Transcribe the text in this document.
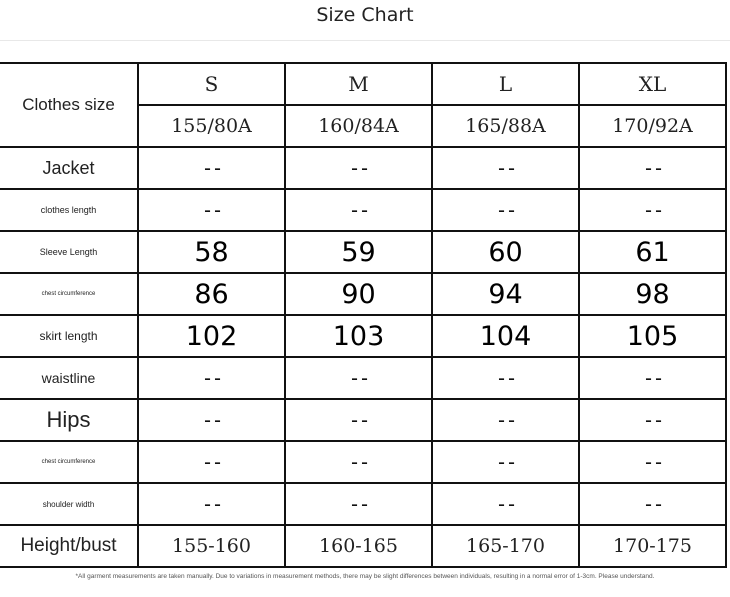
Size Chart
Clothes size	S	M	L	XL
	155/80A	160/84A	165/88A	170/92A
Jacket	--	--	--	--
clothes length	--	--	--	--
Sleeve Length	58	59	60	61
chest circumference	86	90	94	98
skirt length	102	103	104	105
waistline	--	--	--	--
Hips	--	--	--	--
chest circumference	--	--	--	--
shoulder width	--	--	--	--
Height/bust	155-160	160-165	165-170	170-175
*All garment measurements are taken manually. Due to variations in measurement methods, there may be slight differences between individuals, resulting in a normal error of 1-3cm. Please understand.
